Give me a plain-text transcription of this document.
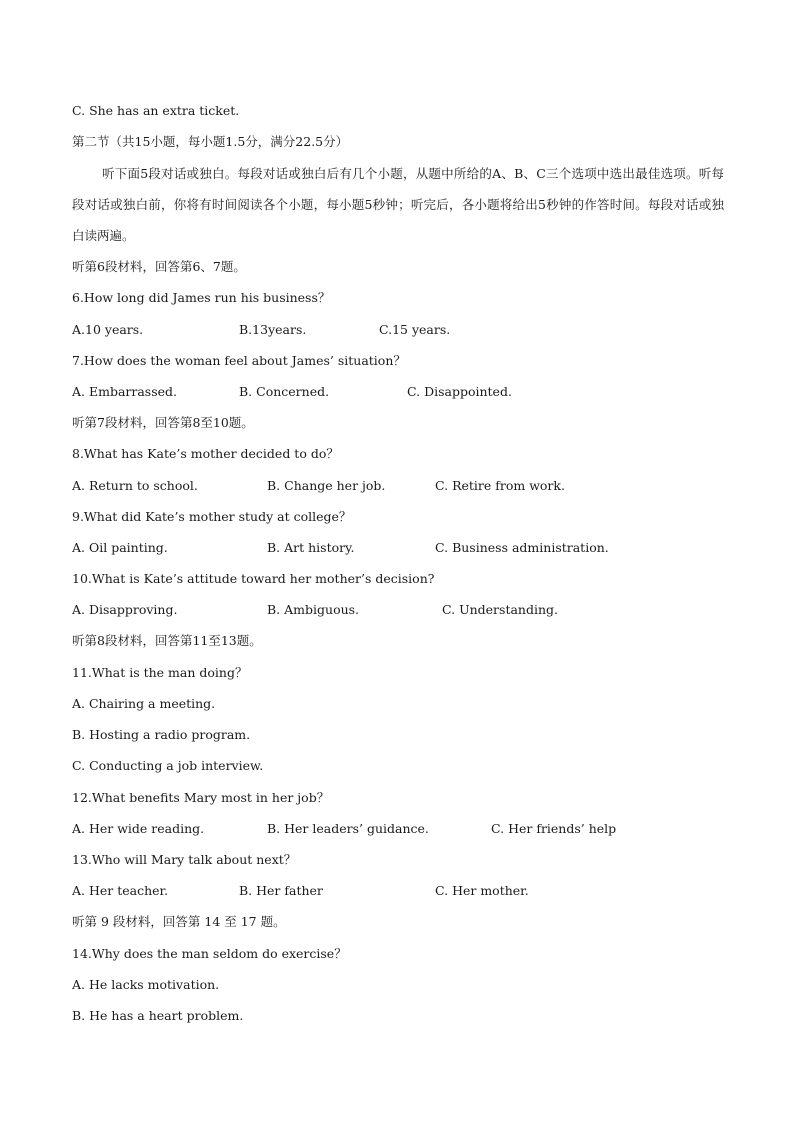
C. She has an extra ticket.
第二节（共15小题，每小题1.5分，满分22.5分）

听下面5段对话或独白。每段对话或独白后有几个小题，从题中所给的A、B、C三个选项中选出最佳选项。听每段对话或独白前，你将有时间阅读各个小题，每小题5秒钟；听完后，各小题将给出5秒钟的作答时间。每段对话或独白读两遍。

听第6段材料，回答第6、7题。
6.How long did James run his business？
A.10 years.	B.13years.	C.15 years.
7.How does the woman feel about James’ situation？
A. Embarrassed.	B. Concerned.	C. Disappointed.
听第7段材料，回答第8至10题。
8.What has Kate’s mother decided to do？
A. Return to school.	B. Change her job.	C. Retire from work.
9.What did Kate’s mother study at college？
A. Oil painting.	B. Art history.	C. Business administration.
10.What is Kate’s attitude toward her mother’s decision?
A. Disapproving.	B. Ambiguous.	C. Understanding.
听第8段材料，回答第11至13题。
11.What is the man doing？
A. Chairing a meeting.
B. Hosting a radio program.
C. Conducting a job interview.
12.What benefits Mary most in her job？
A. Her wide reading.	B. Her leaders’ guidance.	C. Her friends’ help
13.Who will Mary talk about next？
A. Her teacher.	B. Her father	C. Her mother.
听第 9 段材料，回答第 14 至 17 题。
14.Why does the man seldom do exercise？
A. He lacks motivation.
B. He has a heart problem.
